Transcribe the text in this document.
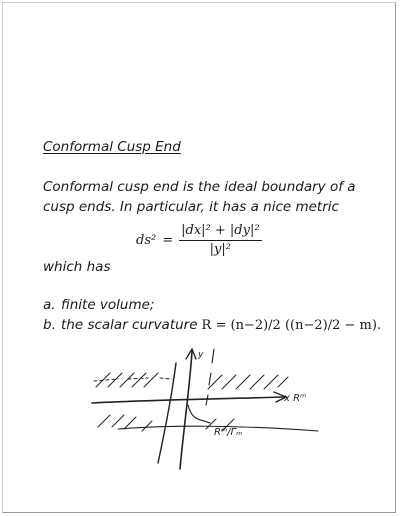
Conformal Cusp End
Conformal cusp end is the ideal boundary of a cusp ends. In particular, it has a nice metric
$ds^2 = \frac{\text{|dx|² + |dy|²}}{\text{|y|²}}$
which has
a. finite volume;
b. the scalar curvature R = (n−2)/2 ((n−2)/2 − m).
y
x Rᵐ
Rᵐ/Γₘ
